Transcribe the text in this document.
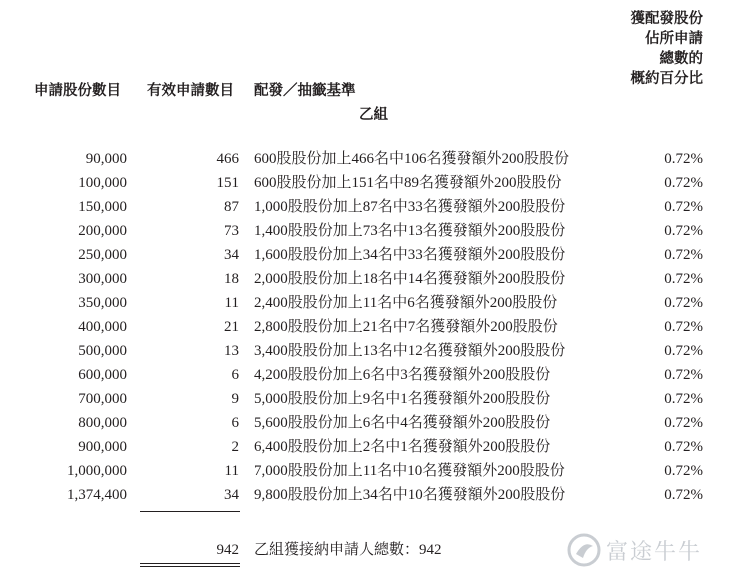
申請股份數目 有效申請數目 配發／抽籤基準
乙組
獲配發股份
佔所申請
總數的
概約百分比
90,000	466 600股股份加上466名中106名獲發額外200股股份	0.72%
100,000	151 600股股份加上151名中89名獲發額外200股股份	0.72%
150,000	87 1,000股股份加上87名中33名獲發額外200股股份	0.72%
200,000	73 1,400股股份加上73名中13名獲發額外200股股份	0.72%
250,000	34 1,600股股份加上34名中33名獲發額外200股股份	0.72%
300,000	18 2,000股股份加上18名中14名獲發額外200股股份	0.72%
350,000	11 2,400股股份加上11名中6名獲發額外200股股份	0.72%
400,000	21 2,800股股份加上21名中7名獲發額外200股股份	0.72%
500,000	13 3,400股股份加上13名中12名獲發額外200股股份	0.72%
600,000	6 4,200股股份加上6名中3名獲發額外200股股份	0.72%
700,000	9 5,000股股份加上9名中1名獲發額外200股股份	0.72%
800,000	6 5,600股股份加上6名中4名獲發額外200股股份	0.72%
900,000	2 6,400股股份加上2名中1名獲發額外200股股份	0.72%
1,000,000	11 7,000股股份加上11名中10名獲發額外200股股份	0.72%
1,374,400	34 9,800股股份加上34名中10名獲發額外200股股份	0.72%
942 乙組獲接納申請人總數：942	富途牛牛
